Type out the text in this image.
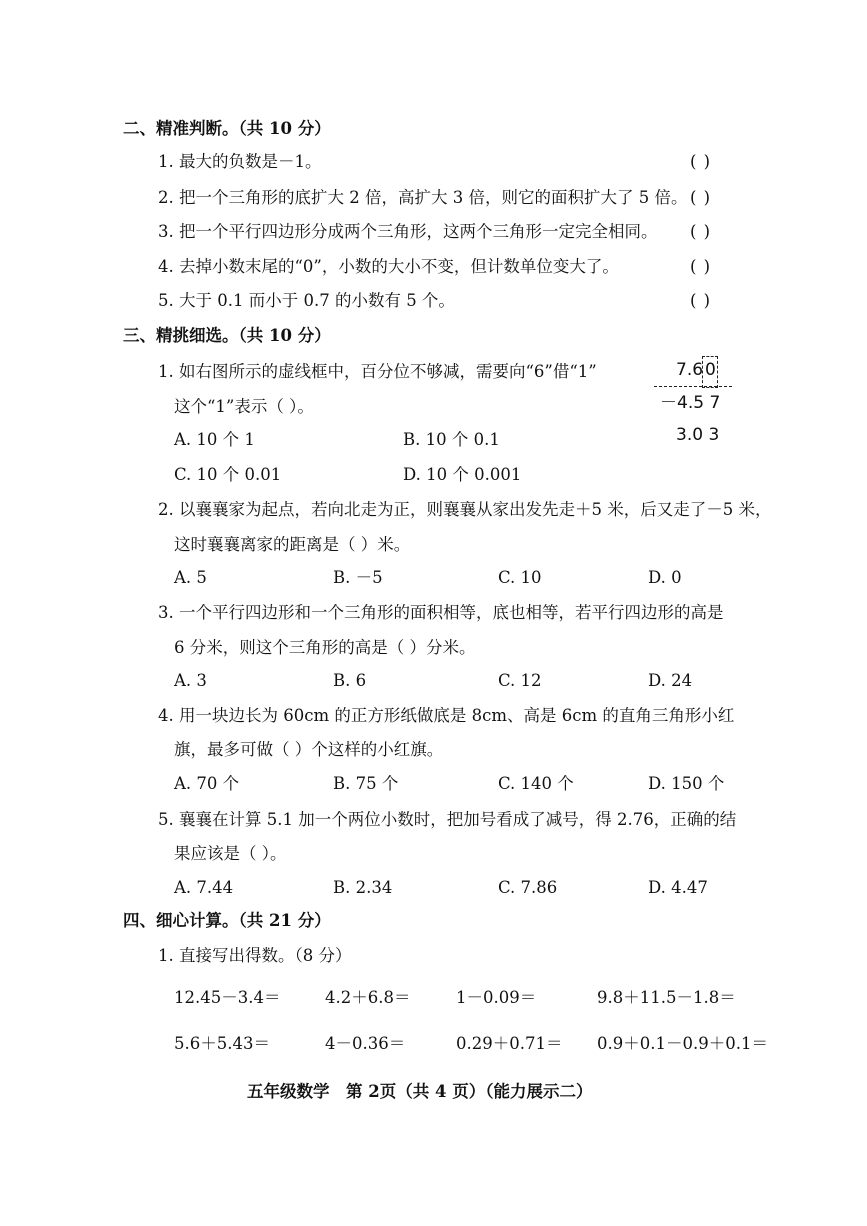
二、精准判断。（共 10 分）
1. 最大的负数是－1。	( )
2. 把一个三角形的底扩大 2 倍，高扩大 3 倍，则它的面积扩大了 5 倍。 ( )
3. 把一个平行四边形分成两个三角形，这两个三角形一定完全相同。 ( )
4. 去掉小数末尾的“0”，小数的大小不变，但计数单位变大了。	( )
5. 大于 0.1 而小于 0.7 的小数有 5 个。	( )
三、精挑细选。（共 10 分）
1. 如右图所示的虚线框中，百分位不够减，需要向“6”借“1”
这个“1”表示（ ）。
7.6 0
－4.5 7
3.0 3
A. 10 个 1	B. 10 个 0.1
C. 10 个 0.01	D. 10 个 0.001
2. 以襄襄家为起点，若向北走为正，则襄襄从家出发先走＋5 米，后又走了－5 米，
这时襄襄离家的距离是（ ）米。
A. 5	B. －5	C. 10	D. 0
3. 一个平行四边形和一个三角形的面积相等，底也相等，若平行四边形的高是
6 分米，则这个三角形的高是（ ）分米。
A. 3	B. 6	C. 12	D. 24
4. 用一块边长为 60cm 的正方形纸做底是 8cm、高是 6cm 的直角三角形小红
旗，最多可做（ ）个这样的小红旗。
A. 70 个	B. 75 个	C. 140 个	D. 150 个
5. 襄襄在计算 5.1 加一个两位小数时，把加号看成了减号，得 2.76，正确的结
果应该是（ ）。
A. 7.44	B. 2.34	C. 7.86	D. 4.47
四、细心计算。（共 21 分）
1. 直接写出得数。（8 分）
12.45－3.4＝	4.2＋6.8＝	1－0.09＝	9.8＋11.5－1.8＝
5.6＋5.43＝	4－0.36＝	0.29＋0.71＝ 0.9＋0.1－0.9＋0.1＝
五年级数学　第 2页（共 4 页）（能力展示二）
